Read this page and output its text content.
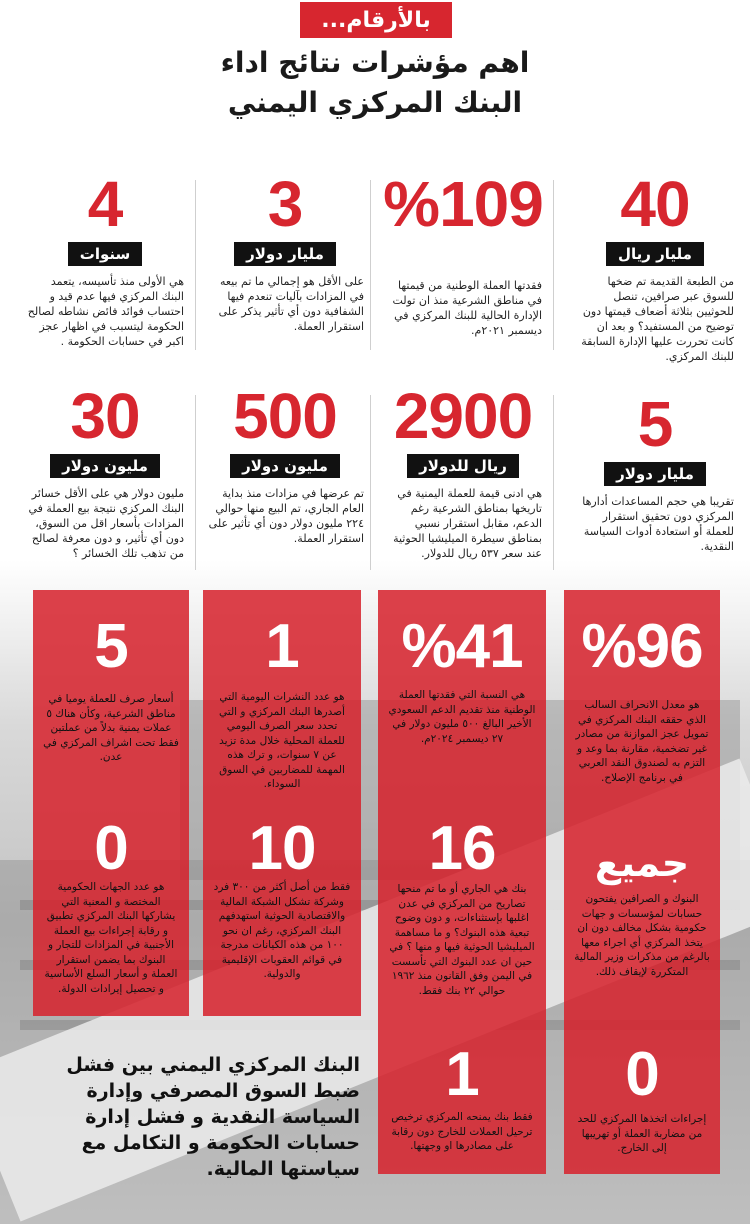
بالأرقام...
اهم مؤشرات نتائج اداء
البنك المركزي اليمني
40
مليار ريال
من الطبعة القديمة تم ضخها للسوق عبر صرافين، تنصل للحوثيين بثلاثة أضعاف قيمتها دون توضيح من المستفيد؟ و بعد ان كانت تحررت عليها الإدارة السابقة للبنك المركزي.
%109
فقدتها العملة الوطنية من قيمتها في مناطق الشرعية منذ ان تولت الإدارة الحالية للبنك المركزي في ديسمبر ٢٠٢١م.
3
مليار دولار
على الأقل هو إجمالي ما تم بيعه في المزادات بآليات تنعدم فيها الشفافية دون أي تأثير يذكر على استقرار العملة.
4
سنوات
هي الأولى منذ تأسيسه، يتعمد البنك المركزي فيها عدم قيد و احتساب فوائد فائض نشاطه لصالح الحكومة ليتسبب في اظهار عجز اكبر في حسابات الحكومة .
5
مليار دولار
تقريبا هي حجم المساعدات أدارها المركزي دون تحقيق استقرار للعملة أو استعادة أدوات السياسة النقدية.
2900
ريال للدولار
هي ادنى قيمة للعملة اليمنية في تاريخها بمناطق الشرعية رغم الدعم، مقابل استقرار نسبي بمناطق سيطرة الميليشيا الحوثية عند سعر ٥٣٧ ريال للدولار.
500
مليون دولار
تم عرضها في مزادات منذ بداية العام الجاري، تم البيع منها حوالي ٢٢٤ مليون دولار دون أي تأثير على استقرار العملة.
30
مليون دولار
مليون دولار هي على الأقل خسائر البنك المركزي نتيجة بيع العملة في المزادات بأسعار اقل من السوق، دون أي تأثير، و دون معرفة لصالح من تذهب تلك الخسائر ؟
%96
هو معدل الانحراف السالب الذي حققه البنك المركزي في تمويل عجز الموازنة من مصادر غير تضخمية، مقارنة بما وعد و التزم به لصندوق النقد العربي في برنامج الإصلاح.
جميع
البنوك و الصرافين يفتحون حسابات لمؤسسات و جهات حكومية بشكل مخالف دون ان يتخذ المركزي أي اجراء معها بالرغم من مذكرات وزير المالية المتكررة لإيقاف ذلك.
0
إجراءات اتخذها المركزي للحد من مضاربة العملة أو تهريبها إلى الخارج.
%41
هي النسبة التي فقدتها العملة الوطنية منذ تقديم الدعم السعودي الأخير البالغ ٥٠٠ مليون دولار في ٢٧ ديسمبر ٢٠٢٤م.
16
بنك هي الجاري أو ما تم منحها تصاريح من المركزي في عدن اغلبها بإستثناءات، و دون وضوح تبعية هذه البنوك؟ و ما مساهمة الميليشيا الحوثية فيها و منها ؟ في حين ان عدد البنوك التي تأسست في اليمن وفق القانون منذ ١٩٦٢ حوالي ٢٢ بنك فقط.
1
فقط بنك يمنحه المركزي ترخيص ترحيل العملات للخارج دون رقابة على مصادرها او وجهتها.
1
هو عدد النشرات اليومية التي أصدرها البنك المركزي و التي تحدد سعر الصرف اليومي للعملة المحلية خلال مدة تزيد عن ٧ سنوات، و ترك هذه المهمة للمضاربين في السوق السوداء.
10
فقط من أصل أكثر من ٣٠٠ فرد وشركة تشكل الشبكة المالية والاقتصادية الحوثية استهدفهم البنك المركزي، رغم ان نحو ١٠٠ من هذه الكيانات مدرجة في قوائم العقوبات الإقليمية والدولية.
5
أسعار صرف للعملة يوميا في مناطق الشرعية، وكأن هناك ٥ عملات يمنية بدلاً من عملتين فقط تحت اشراف المركزي في عدن.
0
هو عدد الجهات الحكومية المختصة و المعنية التي يشاركها البنك المركزي تطبيق و رقابة إجراءات بيع العملة الأجنبية في المزادات للتجار و البنوك بما يضمن استقرار العملة و أسعار السلع الأساسية و تحصيل إيرادات الدولة.
البنك المركزي اليمني بين فشل ضبط السوق المصرفي وإدارة السياسة النقدية و فشل إدارة حسابات الحكومة و التكامل مع سياستها المالية.
